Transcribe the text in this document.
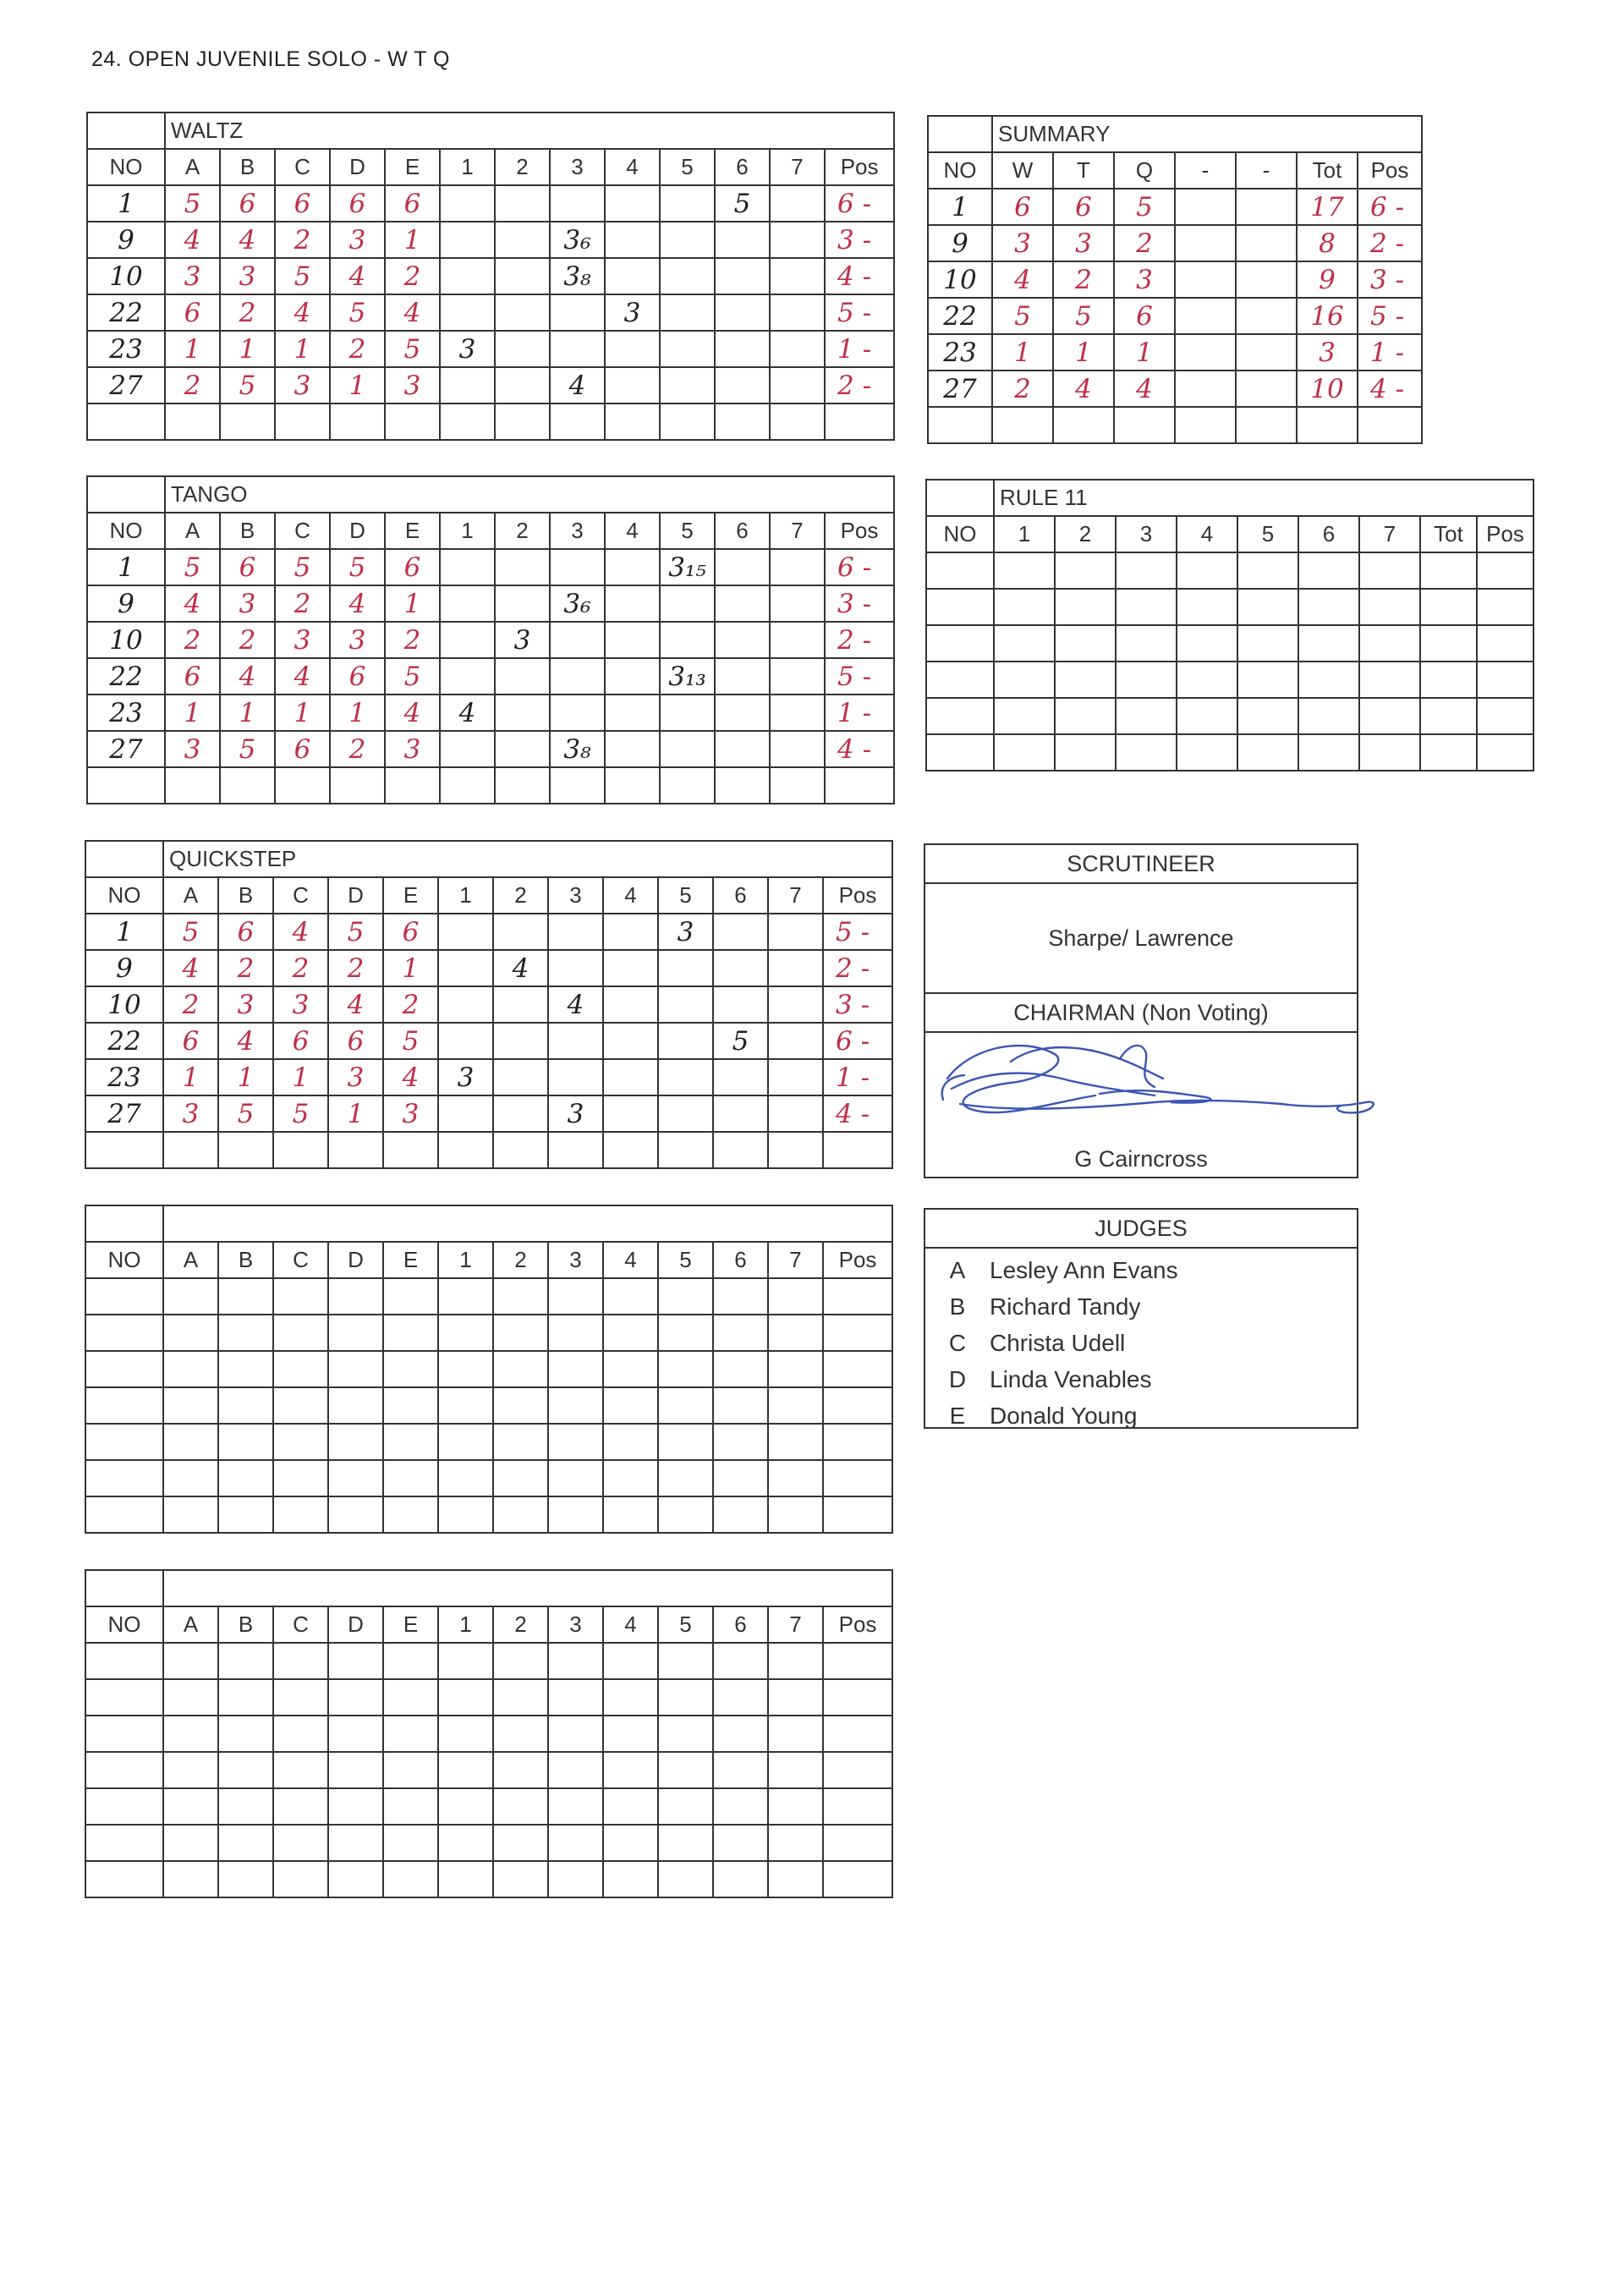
24. OPEN JUVENILE SOLO - W T Q
	WALTZ												
NO	A	B	C	D	E	1	2	3	4	5	6	7	Pos
1	5	6	6	6	6						5		6 -
9	4	4	2	3	1			3₆					3 -
10	3	3	5	4	2			3₈					4 -
22	6	2	4	5	4				3				5 -
23	1	1	1	2	5	3							1 -
27	2	5	3	1	3			4					2 -

	TANGO												
NO	A	B	C	D	E	1	2	3	4	5	6	7	Pos
1	5	6	5	5	6					3₁₅			6 -
9	4	3	2	4	1			3₆					3 -
10	2	2	3	3	2		3						2 -
22	6	4	4	6	5					3₁₃			5 -
23	1	1	1	1	4	4							1 -
27	3	5	6	2	3			3₈					4 -

	QUICKSTEP												
NO	A	B	C	D	E	1	2	3	4	5	6	7	Pos
1	5	6	4	5	6					3			5 -
9	4	2	2	2	1		4						2 -
10	2	3	3	4	2			4					3 -
22	6	4	6	6	5						5		6 -
23	1	1	1	3	4	3							1 -
27	3	5	5	1	3			3					4 -

NO	A	B	C	D	E	1	2	3	4	5	6	7	Pos

NO	A	B	C	D	E	1	2	3	4	5	6	7	Pos

	SUMMARY						
NO	W	T	Q	-	-	Tot	Pos
1	6	6	5			17	6 -
9	3	3	2			8	2 -
10	4	2	3			9	3 -
22	5	5	6			16	5 -
23	1	1	1			3	1 -
27	2	4	4			10	4 -

	RULE 11								
NO	1	2	3	4	5	6	7	Tot	Pos

SCRUTINEER
Sharpe/ Lawrence
CHAIRMAN (Non Voting)
G Cairncross
JUDGES
A	Lesley Ann Evans
B	Richard Tandy
C Christa Udell
D Linda Venables
E	Donald Young
